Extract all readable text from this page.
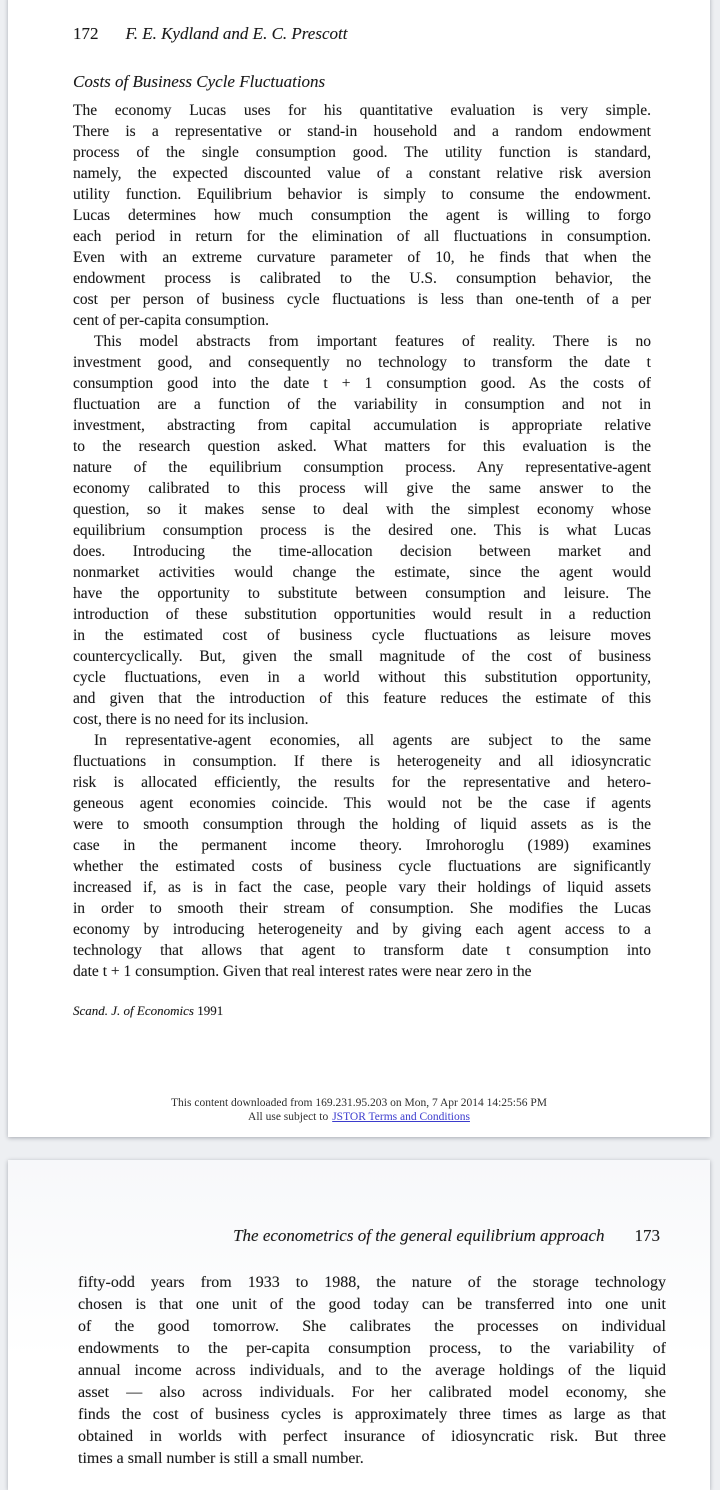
172 F. E. Kydland and E. C. Prescott
Costs of Business Cycle Fluctuations
The economy Lucas uses for his quantitative evaluation is very simple.
There is a representative or stand-in household and a random endowment
process of the single consumption good. The utility function is standard,
namely, the expected discounted value of a constant relative risk aversion
utility function. Equilibrium behavior is simply to consume the endowment.
Lucas determines how much consumption the agent is willing to forgo
each period in return for the elimination of all fluctuations in consumption.
Even with an extreme curvature parameter of 10, he finds that when the
endowment process is calibrated to the U.S. consumption behavior, the
cost per person of business cycle fluctuations is less than one-tenth of a per
cent of per-capita consumption.
This model abstracts from important features of reality. There is no
investment good, and consequently no technology to transform the date t
consumption good into the date t + 1 consumption good. As the costs of
fluctuation are a function of the variability in consumption and not in
investment, abstracting from capital accumulation is appropriate relative
to the research question asked. What matters for this evaluation is the
nature of the equilibrium consumption process. Any representative-agent
economy calibrated to this process will give the same answer to the
question, so it makes sense to deal with the simplest economy whose
equilibrium consumption process is the desired one. This is what Lucas
does. Introducing the time-allocation decision between market and
nonmarket activities would change the estimate, since the agent would
have the opportunity to substitute between consumption and leisure. The
introduction of these substitution opportunities would result in a reduction
in the estimated cost of business cycle fluctuations as leisure moves
countercyclically. But, given the small magnitude of the cost of business
cycle fluctuations, even in a world without this substitution opportunity,
and given that the introduction of this feature reduces the estimate of this
cost, there is no need for its inclusion.
In representative-agent economies, all agents are subject to the same
fluctuations in consumption. If there is heterogeneity and all idiosyncratic
risk is allocated efficiently, the results for the representative and hetero-
geneous agent economies coincide. This would not be the case if agents
were to smooth consumption through the holding of liquid assets as is the
case in the permanent income theory. Imrohoroglu (1989) examines
whether the estimated costs of business cycle fluctuations are significantly
increased if, as is in fact the case, people vary their holdings of liquid assets
in order to smooth their stream of consumption. She modifies the Lucas
economy by introducing heterogeneity and by giving each agent access to a
technology that allows that agent to transform date t consumption into
date t + 1 consumption. Given that real interest rates were near zero in the
Scand. J. of Economics 1991
This content downloaded from 169.231.95.203 on Mon, 7 Apr 2014 14:25:56 PM
All use subject to JSTOR Terms and Conditions
The econometrics of the general equilibrium approach 173
fifty-odd years from 1933 to 1988, the nature of the storage technology
chosen is that one unit of the good today can be transferred into one unit
of the good tomorrow. She calibrates the processes on individual
endowments to the per-capita consumption process, to the variability of
annual income across individuals, and to the average holdings of the liquid
asset — also across individuals. For her calibrated model economy, she
finds the cost of business cycles is approximately three times as large as that
obtained in worlds with perfect insurance of idiosyncratic risk. But three
times a small number is still a small number.
